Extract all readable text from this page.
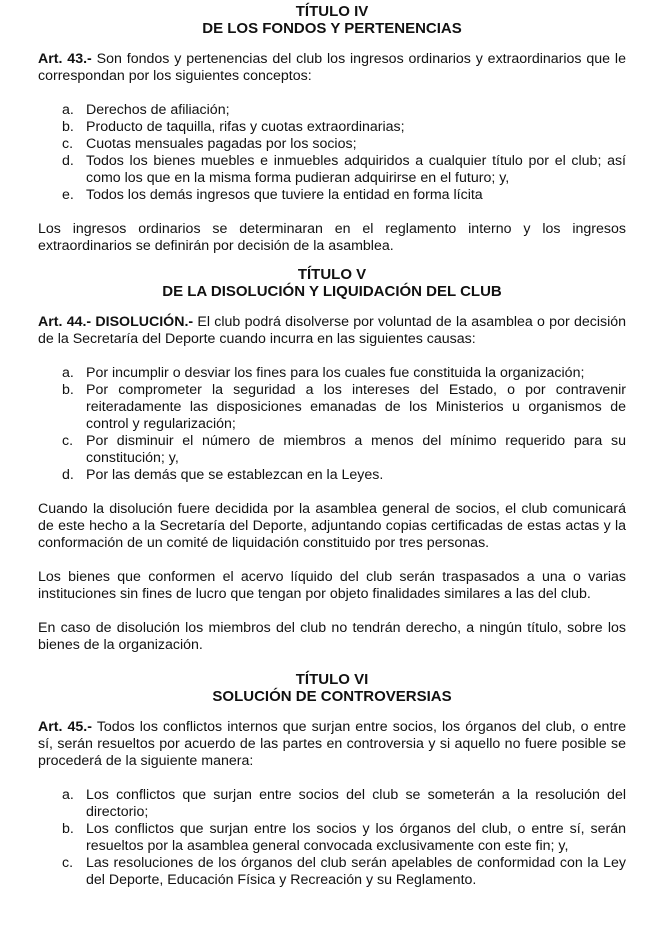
TÍTULO IV
DE LOS FONDOS Y PERTENENCIAS

Art. 43.- Son fondos y pertenencias del club los ingresos ordinarios y extraordinarios que le correspondan por los siguientes conceptos:

a. Derechos de afiliación;
b. Producto de taquilla, rifas y cuotas extraordinarias;
c. Cuotas mensuales pagadas por los socios;
d. Todos los bienes muebles e inmuebles adquiridos a cualquier título por el club; así como los que en la misma forma pudieran adquirirse en el futuro; y,
e. Todos los demás ingresos que tuviere la entidad en forma lícita

Los ingresos ordinarios se determinaran en el reglamento interno y los ingresos extraordinarios se definirán por decisión de la asamblea.

TÍTULO V
DE LA DISOLUCIÓN Y LIQUIDACIÓN DEL CLUB

Art. 44.- DISOLUCIÓN.- El club podrá disolverse por voluntad de la asamblea o por decisión de la Secretaría del Deporte cuando incurra en las siguientes causas:

a. Por incumplir o desviar los fines para los cuales fue constituida la organización;
b. Por comprometer la seguridad a los intereses del Estado, o por contravenir reiteradamente las disposiciones emanadas de los Ministerios u organismos de control y regularización;
c. Por disminuir el número de miembros a menos del mínimo requerido para su constitución; y,
d. Por las demás que se establezcan en la Leyes.

Cuando la disolución fuere decidida por la asamblea general de socios, el club comunicará de este hecho a la Secretaría del Deporte, adjuntando copias certificadas de estas actas y la conformación de un comité de liquidación constituido por tres personas.

Los bienes que conformen el acervo líquido del club serán traspasados a una o varias instituciones sin fines de lucro que tengan por objeto finalidades similares a las del club.

En caso de disolución los miembros del club no tendrán derecho, a ningún título, sobre los bienes de la organización.

TÍTULO VI
SOLUCIÓN DE CONTROVERSIAS

Art. 45.- Todos los conflictos internos que surjan entre socios, los órganos del club, o entre sí, serán resueltos por acuerdo de las partes en controversia y si aquello no fuere posible se procederá de la siguiente manera:

a. Los conflictos que surjan entre socios del club se someterán a la resolución del directorio;
b. Los conflictos que surjan entre los socios y los órganos del club, o entre sí, serán resueltos por la asamblea general convocada exclusivamente con este fin; y,
c. Las resoluciones de los órganos del club serán apelables de conformidad con la Ley del Deporte, Educación Física y Recreación y su Reglamento.
